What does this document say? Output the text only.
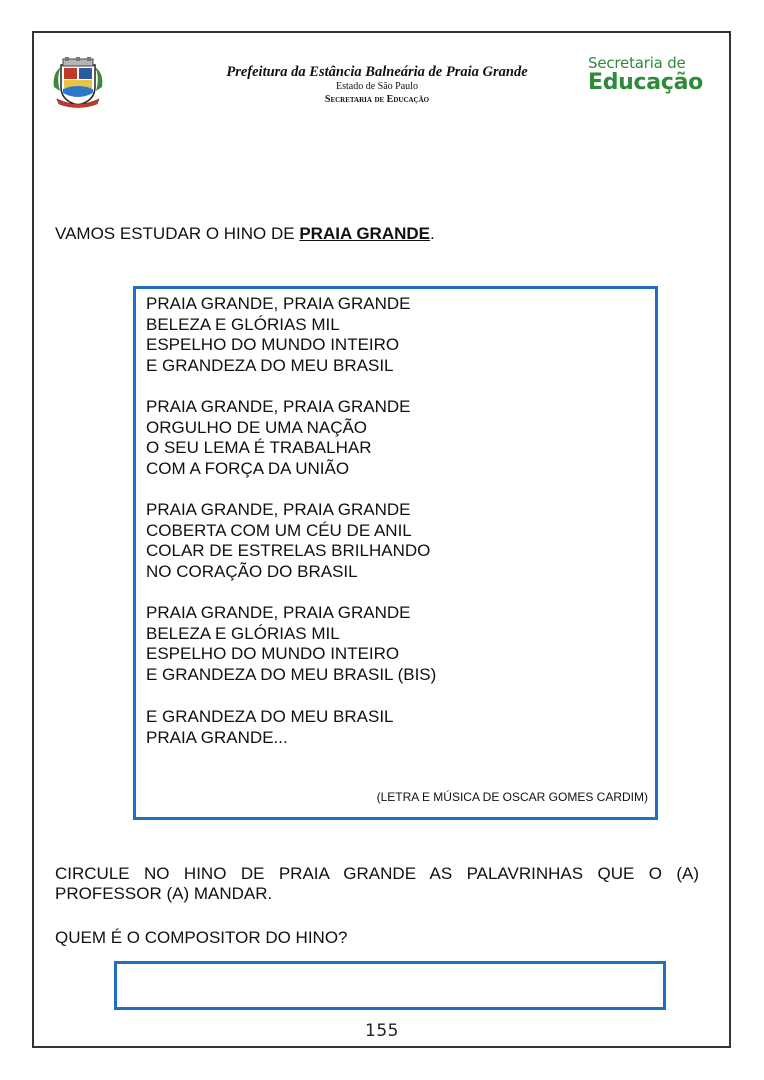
Prefeitura da Estância Balneária de Praia Grande
Estado de São Paulo
Secretaria de Educação
Secretaria de
Educação
VAMOS ESTUDAR O HINO DE PRAIA GRANDE.
PRAIA GRANDE, PRAIA GRANDE
BELEZA E GLÓRIAS MIL
ESPELHO DO MUNDO INTEIRO
E GRANDEZA DO MEU BRASIL
PRAIA GRANDE, PRAIA GRANDE
ORGULHO DE UMA NAÇÃO
O SEU LEMA É TRABALHAR
COM A FORÇA DA UNIÃO
PRAIA GRANDE, PRAIA GRANDE
COBERTA COM UM CÉU DE ANIL
COLAR DE ESTRELAS BRILHANDO
NO CORAÇÃO DO BRASIL
PRAIA GRANDE, PRAIA GRANDE
BELEZA E GLÓRIAS MIL
ESPELHO DO MUNDO INTEIRO
E GRANDEZA DO MEU BRASIL (BIS)
E GRANDEZA DO MEU BRASIL
PRAIA GRANDE...
(LETRA E MÚSICA DE OSCAR GOMES CARDIM)
CIRCULE NO HINO DE PRAIA GRANDE AS PALAVRINHAS QUE O (A) PROFESSOR (A) MANDAR.
QUEM É O COMPOSITOR DO HINO?
155
